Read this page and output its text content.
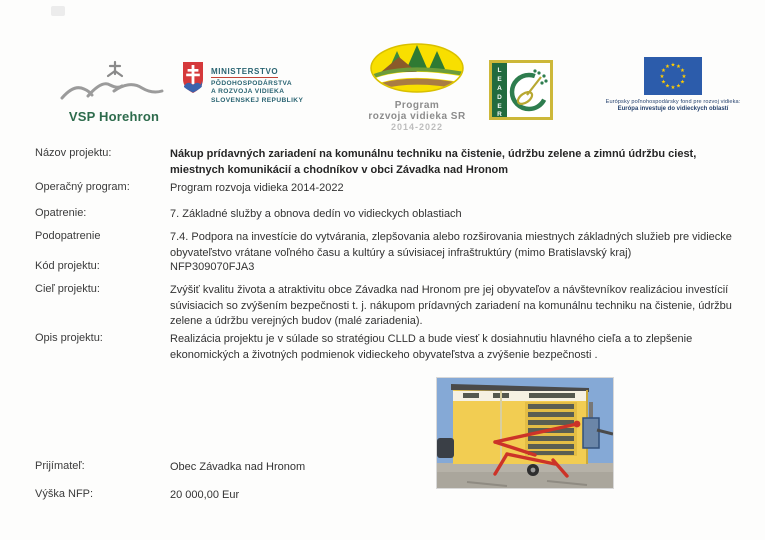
VSP Horehron
MINISTERSTVO
PÔDOHOSPODÁRSTVA
A ROZVOJA VIDIEKA
SLOVENSKEJ REPUBLIKY	Program
rozvoja vidieka SR
2014-2022
L
E
A
D
E
R
★ ★
★
★
★
★
★
★
★
★
★
★
Európsky poľnohospodársky fond pre rozvoj vidieka:
Európa investuje do vidieckych oblastí
Názov projektu:	Nákup prídavných zariadení na komunálnu techniku na čistenie, údržbu zelene a zimnú údržbu ciest, miestnych komunikácií a chodníkov v obci Závadka nad Hronom
Operačný program:	Program rozvoja vidieka 2014-2022
Opatrenie:	7. Základné služby a obnova dedín vo vidieckych oblastiach
Podopatrenie	7.4. Podpora na investície do vytvárania, zlepšovania alebo rozširovania miestnych základných služieb pre vidiecke obyvateľstvo vrátane voľného času a kultúry a súvisiacej infraštruktúry (mimo Bratislavský kraj)
Kód projektu:	NFP309070FJA3
Cieľ projektu:	Zvýšiť kvalitu života a atraktivitu obce Závadka nad Hronom pre jej obyvateľov a návštevníkov realizáciou investícií súvisiacich so zvýšením bezpečnosti t. j. nákupom prídavných zariadení na komunálnu techniku na čistenie, údržbu zelene a údržbu verejných budov (malé zariadenia).
Opis projektu:	Realizácia projektu je v súlade so stratégiou CLLD a bude viesť k dosiahnutiu hlavného cieľa a to zlepšenie ekonomických a životných podmienok vidieckeho obyvateľstva a zvýšenie bezpečnosti .
Prijímateľ:	Obec Závadka nad Hronom
Výška NFP:	20 000,00 Eur
